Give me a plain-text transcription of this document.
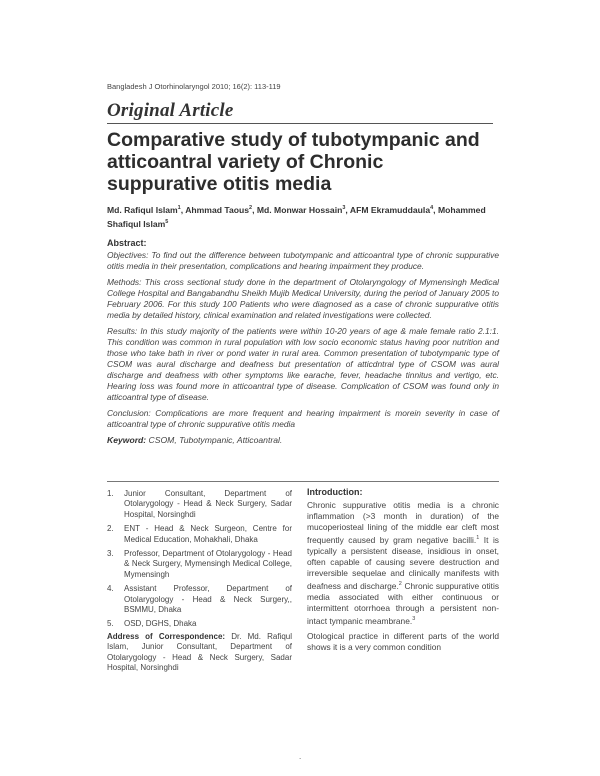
Bangladesh J Otorhinolaryngol 2010; 16(2): 113-119
Original Article
Comparative study of tubotympanic and atticoantral variety of Chronic suppurative otitis media
Md. Rafiqul Islam$^1$, Ahmmad Taous$^2$, Md. Monwar Hossain$^3$, AFM Ekramuddaula$^4$, Mohammed Shafiqul Islam$^5$

Abstract:

Objectives: To find out the difference between tubotympanic and atticoantral type of chronic suppurative otitis media in their presentation, complications and hearing impairment they produce.

Methods: This cross sectional study done in the department of Otolaryngology of Mymensingh Medical College Hospital and Bangabandhu Sheikh Mujib Medical University, during the period of January 2005 to February 2006. For this study 100 Patients who were diagnosed as a case of chronic suppurative otitis media by detailed history, clinical examination and related investigations were collected.

Results: In this study majority of the patients were within 10-20 years of age & male female ratio 2.1:1. This condition was common in rural population with low socio economic status having poor nutrition and those who take bath in river or pond water in rural area. Common presentation of tubotympanic type of CSOM was aural discharge and deafness but presentation of atticdntral type of CSOM was aural discharge and deafness with other symptoms like earache, fever, headache tinnitus and vertigo, etc. Hearing loss was found more in atticoantral type of disease. Complication of CSOM was found only in atticoantral type of disease.

Conclusion: Complications are more frequent and hearing impairment is morein severity in case of atticoantral type of chronic suppurative otitis media

Keyword: CSOM, Tubotympanic, Atticoantral.
1.	Junior Consultant, Department of Otolarygology - Head & Neck Surgery, Sadar Hospital, Norsinghdi
2.	ENT - Head & Neck Surgeon, Centre for Medical Education, Mohakhali, Dhaka
3.	Professor, Department of Otolarygology - Head & Neck Surgery, Mymensingh Medical College, Mymensingh
4.	Assistant Professor, Department of Otolarygology - Head & Neck Surgery,, BSMMU, Dhaka
5.	OSD, DGHS, Dhaka
Address of Correspondence: Dr. Md. Rafiqul Islam, Junior Consultant, Department of Otolarygology - Head & Neck Surgery, Sadar Hospital, Norsinghdi

Introduction:

Chronic suppurative otitis media is a chronic inflammation (>3 month in duration) of the mucoperiosteal lining of the middle ear cleft most frequently caused by gram negative bacilli.$^1$ It is typically a persistent disease, insidious in onset, often capable of causing severe destruction and irreversible sequelae and clinically manifests with deafness and discharge.$^2$ Chronic suppurative otitis media associated with either continuous or intermittent otorrhoea through a persistent non-intact tympanic meambrane.$^3$

Otological practice in different parts of the world shows it is a very common condition

.
